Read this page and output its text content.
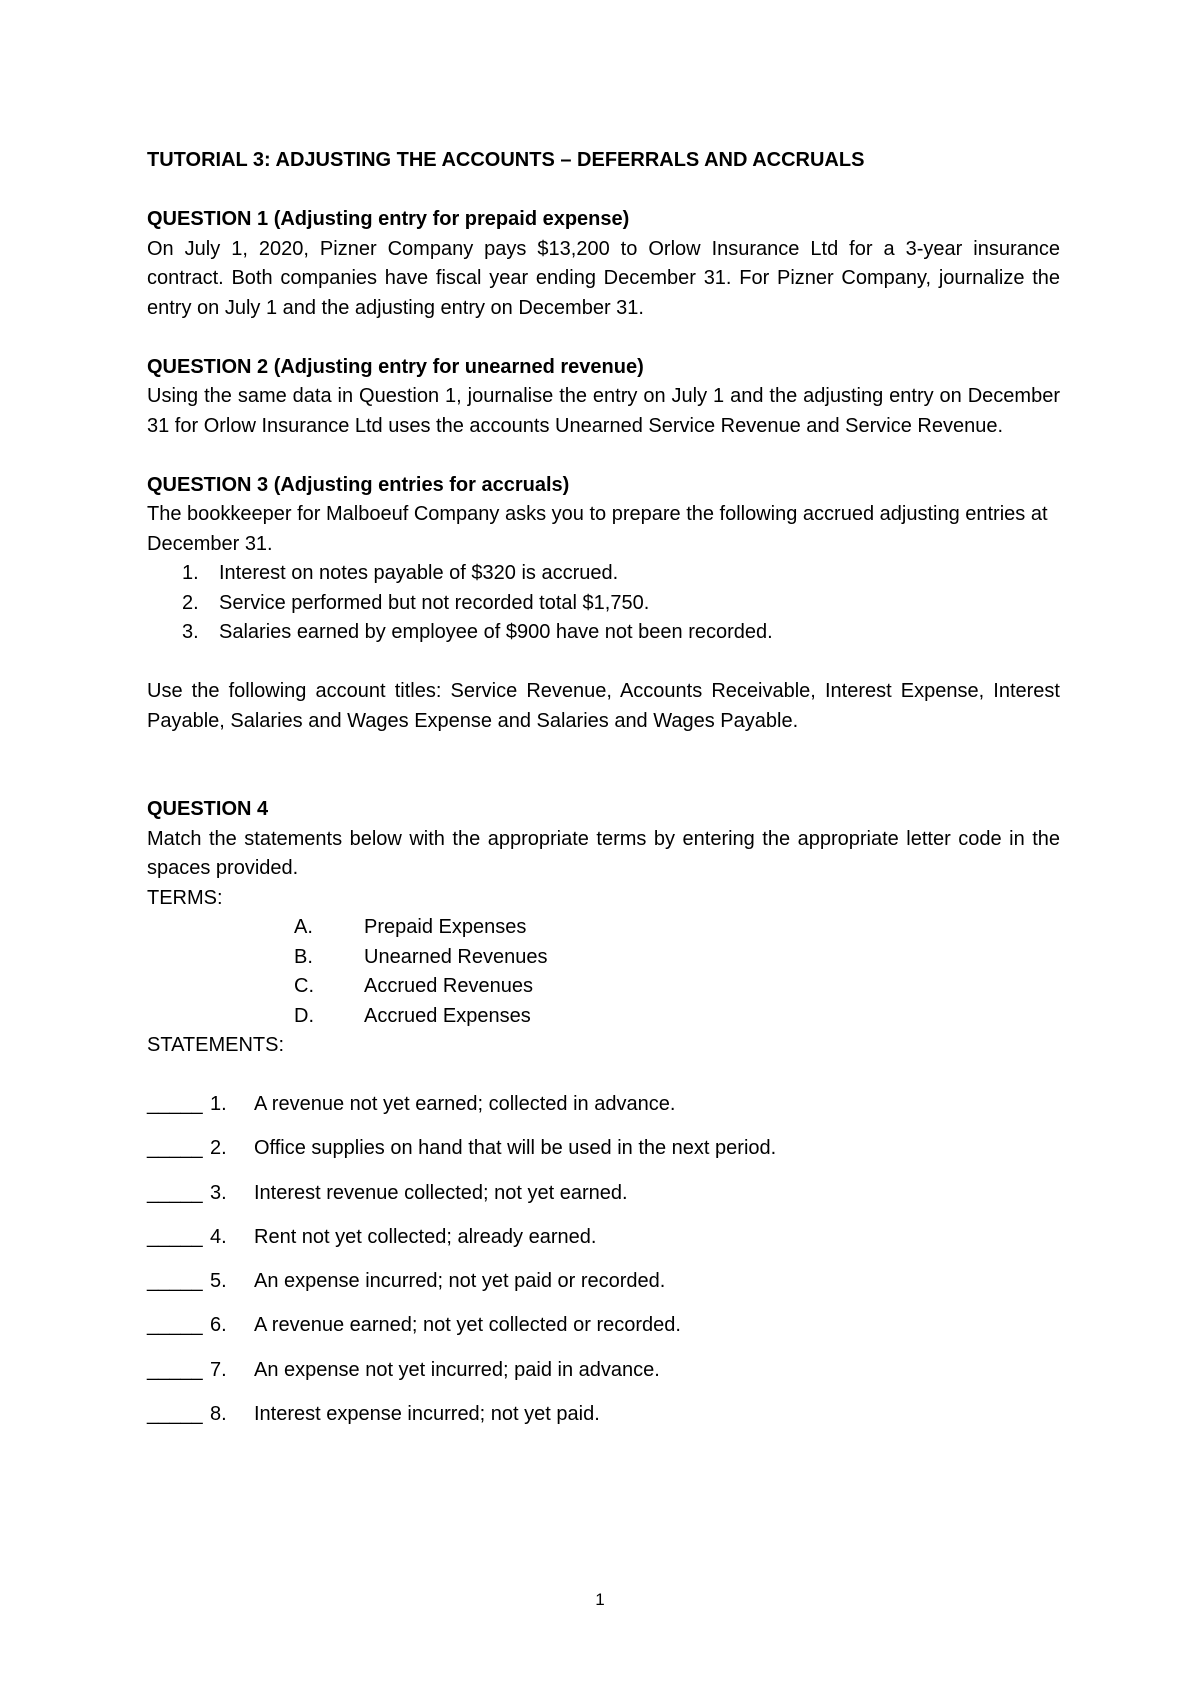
TUTORIAL 3: ADJUSTING THE ACCOUNTS – DEFERRALS AND ACCRUALS

QUESTION 1 (Adjusting entry for prepaid expense)

On July 1, 2020, Pizner Company pays $13,200 to Orlow Insurance Ltd for a 3-year insurance contract. Both companies have fiscal year ending December 31. For Pizner Company, journalize the entry on July 1 and the adjusting entry on December 31.

QUESTION 2 (Adjusting entry for unearned revenue)

Using the same data in Question 1, journalise the entry on July 1 and the adjusting entry on December 31 for Orlow Insurance Ltd uses the accounts Unearned Service Revenue and Service Revenue.

QUESTION 3 (Adjusting entries for accruals)

The bookkeeper for Malboeuf Company asks you to prepare the following accrued adjusting entries at December 31.

1. Interest on notes payable of $320 is accrued.
2. Service performed but not recorded total $1,750.
3. Salaries earned by employee of $900 have not been recorded.

Use the following account titles: Service Revenue, Accounts Receivable, Interest Expense, Interest Payable, Salaries and Wages Expense and Salaries and Wages Payable.

QUESTION 4

Match the statements below with the appropriate terms by entering the appropriate letter code in the spaces provided.

TERMS:

A.	Prepaid Expenses
B.	Unearned Revenues
C.	Accrued Revenues
D.	Accrued Expenses

STATEMENTS:

_____ 1. A revenue not yet earned; collected in advance.
_____ 2. Office supplies on hand that will be used in the next period.
_____ 3. Interest revenue collected; not yet earned.
_____ 4. Rent not yet collected; already earned.
_____ 5. An expense incurred; not yet paid or recorded.
_____ 6. A revenue earned; not yet collected or recorded.
_____ 7. An expense not yet incurred; paid in advance.
_____ 8. Interest expense incurred; not yet paid.
1
